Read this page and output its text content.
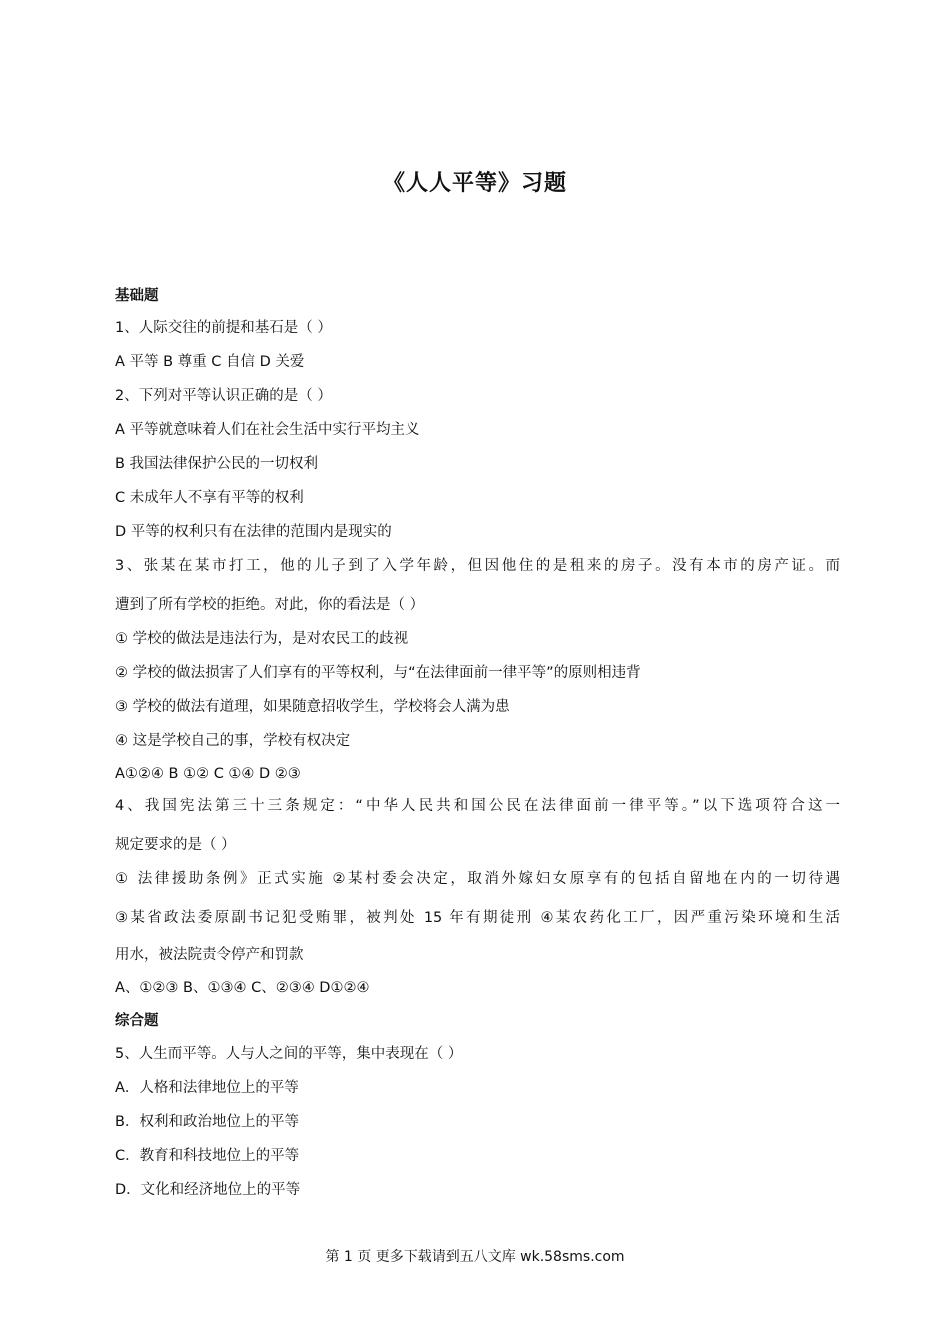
《人人平等》习题
基础题
1、人际交往的前提和基石是（ ）
A 平等 B 尊重 C 自信 D 关爱
2、下列对平等认识正确的是（ ）
A 平等就意味着人们在社会生活中实行平均主义
B 我国法律保护公民的一切权利
C 未成年人不享有平等的权利
D 平等的权利只有在法律的范围内是现实的
3、张某在某市打工，他的儿子到了入学年龄，但因他住的是租来的房子。没有本市的房产证。而
遭到了所有学校的拒绝。对此，你的看法是（ ）
① 学校的做法是违法行为，是对农民工的歧视
② 学校的做法损害了人们享有的平等权利，与“在法律面前一律平等”的原则相违背
③ 学校的做法有道理，如果随意招收学生，学校将会人满为患
④ 这是学校自己的事，学校有权决定
A①②④ B ①② C ①④ D ②③
4、我国宪法第三十三条规定：“中华人民共和国公民在法律面前一律平等。”以下选项符合这一
规定要求的是（ ）
① 法律援助条例》正式实施 ②某村委会决定，取消外嫁妇女原享有的包括自留地在内的一切待遇
③某省政法委原副书记犯受贿罪，被判处 15 年有期徒刑 ④某农药化工厂，因严重污染环境和生活
用水，被法院责令停产和罚款
A、①②③ B、①③④ C、②③④ D①②④
综合题
5、人生而平等。人与人之间的平等，集中表现在（ ）
A．人格和法律地位上的平等
B．权利和政治地位上的平等
C．教育和科技地位上的平等
D．文化和经济地位上的平等
第 1 页 更多下载请到五八文库 wk.58sms.com
